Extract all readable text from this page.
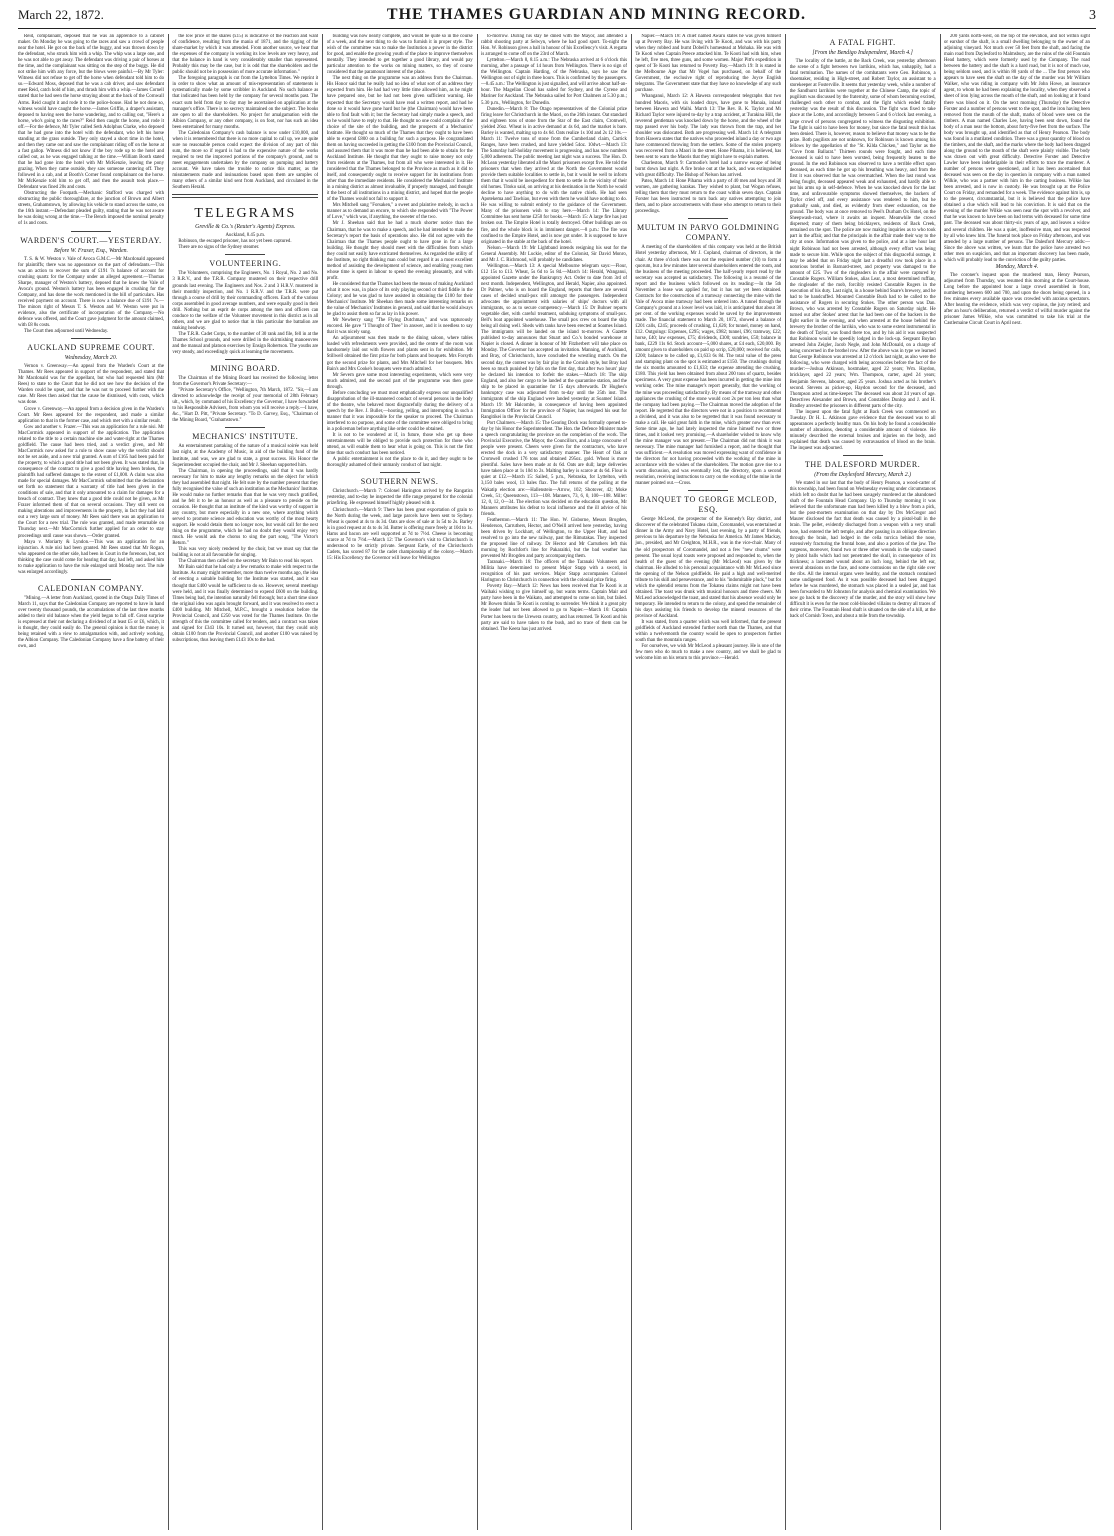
March 22, 1872.	THE THAMES GUARDIAN AND MINING RECORD.	3

Reid, complainant, deposed that he was an apprentice to a cabinet maker. On Monday he was going to the races and saw a crowd of people near the hotel. He got on the back of the buggy, and was thrown down by the defendant, who struck him with a whip. The whip was a large one, and he was not able to get away. The defendant was driving a pair of horses at the time, and the complainant was sitting on the step of the buggy. He did not strike him with any force, but the blows were painful.—By Mr Tyler: Witness did not refuse to get off the horse when defendant told him to do so.—Edward Moss, deposed that he was a cab driver, and saw defendant meet Reid, catch hold of him, and thrash him with a whip.—James Cornell stated that he had seen the horse straying about at the back of the Cornwall Arms. Reid caught it and rode it to the police-house. Had he not done so, witness would have caught the horse.—James Griffin, a draper's assistant, deposed to having seen the horse wandering, and to calling out, "Here's a horse, who's going to the races?" Reid then caught the horse, and rode it off.—For the defence, Mr Tyler called Seth Adolphus Clarke, who deposed that he had gone into the hotel with the defendant, who left his horse standing at the grass outside. They only stayed a short time in the hotel, and then they came out and saw the complainant riding off on the horse at a fast gallop. Witness did not know if the boy rode up to the hotel and called out, as he was engaged talking at the time.—William Booth stated that he had gone into the hotel with Mr McKenzie, leaving the pony grazing. When they came outside, they saw someone cantering off. They followed in a cab, and at Booth's Corner found complainant on the horse. Mr McKenzie told him to get off, and then the assault took place.—Defendant was fined 20s and costs.

Obstructing the Footpath.—Mechanic Stafford was charged with obstructing the public thoroughfare, at the junction of Brown and Albert streets, Grahamstown, by allowing his vehicle to stand across the same, on the 16th instant.—Defendant pleaded guilty, stating that he was not aware he was doing wrong at the time.—The Bench imposed the nominal penalty of 1s and costs.

WARDEN'S COURT.—YESTERDAY.
Before W. Fraser, Esq., Warden.

T. S. & W. Weston v. Vale of Avoca G.M.C.—Mr Macdonald appeared for plaintiffs; there was no appearance on the part of defendants.—This was an action to recover the sum of £191 7s balance of account for crushing quartz for the Company under an alleged agreement.—Thomas Sharpe, manager of Weston's battery, deposed that he knew the Vale of Avoca's ground. Weston's battery has been engaged in crushing for the Company, and has done the work mentioned in the bill of particulars. Has received payment on account. There is now a balance due of £191 7s.—The minors right of Messrs T. S. Weston and W. Weston were put in evidence, also the certificate of incorporation of the Company.—No defence was offered, and the Court gave judgment for the amount claimed, with £8 8s costs.

The Court then adjourned until Wednesday.

AUCKLAND SUPREME COURT.
Wednesday, March 20.

Vernon v. Greenway.—An appeal from the Warden's Court at the Thames. Mr Rees appeared in support of the respondent, and stated that Mr Macdonald was for the appellant, but who had requested him (Mr Rees) to state to the Court that he did not see how the decision of the Warden could be upset, and that he was not to proceed further with the case. Mr Rees then asked that the cause be dismissed, with costs, which was done.

Grove v. Greenway.—An appeal from a decision given in the Warden's Court. Mr Rees appeared for the respondent, and made a similar application to that in the former case, and which met with a similar result.

Gow and another v. Frazer.—This was an application for a rule nisi. Mr MacCormick appeared in support of the application. The application related to the title to a certain machine site and water-right at the Thames goldfield. The cause had been tried, and a verdict given, and Mr MacCormick now asked for a rule to show cause why the verdict should not be set aside, and a new trial granted. A sum of £165 had been paid for the property, to which a good title had not been given. It was stated that, in consequence of the contract to give a good title having been broken, the plaintiffs had suffered damages to the extent of £1,000. A claim was also made for special damages. Mr MacCormick submitted that the declaration set forth no statement that a warranty of title had been given in the conditions of sale, and that it only amounted to a claim for damages for a breach of contract. They knew that a good title could not be given, as Mr Frazer informed them of that on several occasions. They still went on making alterations and improvements in the property, in fact they had laid out a very large sum of money. Mr Rees said there was an application to the Court for a new trial. The rule was granted, and made returnable on Thursday next.—Mr MacCormick further applied for an order to stay proceedings until cause was shown.—Order granted.

Maya v. Moriarty & Lyndon.—This was an application for an injunction. A rule nisi had been granted. Mr Rees stated that Mr Rogan, who appeared on the other side, had been in Court in the forenoon, but, not thinking the case could come for hearing that day, had left, and asked him to make application to have the rule enlarged until Monday next. The rule was enlarged accordingly.

CALEDONIAN COMPANY.

"Mining.—A letter from Auckland, quoted in the Otago Daily Times of March 11, says that the Caledonian Company are reported to have in hand over twenty thousand pounds, the accumulations of the last three months added to their old balance when the yield began to fall off. Great surprise is expressed at their not declaring a dividend of at least £5 or £6, which, it is thought, they could easily do. The general opinion is that the money is being retained with a view to amalgamation with, and actively working, the Albion Company. The Caledonian Company have a fine battery of their own, and

the low price of the shares (£15) is indicative of the reaction and want of confidence, resulting from the mania of 1871, and the rigging of the share-market by which it was attended. From another source, we hear that the expenses of the company in working its low levels are very heavy, and that the balance in hand is very considerably smaller than represented. Probably this may be the case, but it is odd that the shareholders and the public should not be in possession of more accurate information."

The foregoing paragraph is cut from the Lyttelton Times. We reprint it in order to show what an amount of mis-representation of statements is systematically made by some scribbler in Auckland. No such balance as that indicated has been held by the company for several months past. The exact sum held from day to day may be ascertained on application at the manager's office. There is no secrecy maintained on the subject. The books are open to all the shareholders. No project for amalgamation with the Albion Company, or any other company, is on foot, nor has such an idea been entertained for many months.

The Caledonian Company's cash balance is now under £10,000, and when it is remembered that there is no more capital to call up, we are quite sure no reasonable person could expect the division of any part of this sum, the more so if regard is had to the expensive nature of the works required to test the improved portions of the company's ground, and to meet engagements undertaken by the company on pumping and battery account. We have taken the trouble to notice this matter, as the misstatements made and insinuations based upon them are samples of many others of a similar kind sent from Auckland, and circulated in the Southern Herald.

TELEGRAMS
Greville & Co.'s (Reuter's Agents) Express.

Auckland, 8.45 p.m.

Robinson, the escaped prisoner, has not yet been captured.

There are no signs of the Sydney steamer.

VOLUNTEERING.

The Volunteers, comprising the Engineers, No. 1 Royal, No. 2 and No. 3 R.R.V., and the T.R.R. Company mustered on their respective drill grounds last evening. The Engineers and Nos. 2 and 3 H.R.V. mustered in their monthly inspection, and No. 1 R.R.V. and the T.R.R. were put through a course of drill by their commanding officers. Each of the various corps assembled in good average numbers, and were equally good in their drill. Nothing but an esprit de corps among the men and officers can conduce to the welfare of the Volunteer movement in this district as in all others, and we are glad to notice that in this particular the battalion are making headway.

The T.R.R. Cadet Corps, to the number of 30 rank and file, fell in at the Thames School grounds, and were drilled in the skirmishing manoeuvres and the manual and platoon exercises by Ensign Robertson. The youths are very steady, and exceedingly quick at learning the movements.

MINING BOARD.

The Chairman of the Mining Board has received the following letter from the Governor's Private Secretary:—

"Private Secretary's Office, "Wellington, 7th March, 1872. "Sir,—I am directed to acknowledge the receipt of your memorial of 28th February ult., which, by command of his Excellency the Governor, I have forwarded to his Responsible Advisers, from whom you will receive a reply.—I have, &c., "Hart D. Pitt, "Private Secretary. "To D. Garvey, Esq., "Chairman of the Mining Board, "Grahamstown."

MECHANICS' INSTITUTE.

An entertainment partaking of the nature of a musical soirée was held last night, at the Academy of Music, in aid of the building fund of the Institute, and was, we are glad to state, a great success. His Honor the Superintendent occupied the chair, and Mr J. Sheehan supported him.

The Chairman, in opening the proceedings, said that it was hardly necessary for him to make any lengthy remarks on the object for which they had assembled that night. He felt sure by the number present that they fully recognised the value of such an institution as the Mechanics' Institute. He would make no further remarks than that he was very much gratified, and he felt it to be an honour as well as a pleasure to preside on the occasion. He thought that an institute of the kind was worthy of support in any country, but more especially in a new one, where anything which served to promote science and education was worthy of the most hearty support. He would detain them no longer now, but would call for the next thing on the programme, which he had no doubt they would enjoy very much. He would ask the chorus to sing the part song, "The Victor's Return."

This was very nicely rendered by the choir, but we must say that the building is not at all favourable for singing.

The Chairman then called on the secretary Mr Bain to read his report.

Mr Bain said that he had only a few remarks to make with respect to the Institute. As many might remember, more than twelve months ago, the idea of erecting a suitable building for the Institute was started, and it was thought that £400 would be sufficient to do so. However, several meetings were held, and it was finally determined to expend £600 on the building. Times being bad, the intention naturally fell through; but a short time since the original idea was again brought forward, and it was resolved to erect a £400 building. Mr Mitchell, M.P.C., brought a resolution before the Provincial Council, and £250 was voted for the Thames Institute. On the strength of this the committee called for tenders, and a contract was taken and signed for £343 10s. It turned out, however, that they could only obtain £100 from the Provincial Council, and another £100 was raised by subscriptions, thus leaving them £143 10s to the bad.

building was now nearly complete, and would be quite so in the course of a week, and the next thing to do was to furnish it in proper style. The wish of the committee was to make the Institution a power in the district for good, and enable the growing youth of the place to improve themselves mentally. They intended to get together a good library, and would pay particular attention to the works on mining matters, so they of course considered that the paramount interest of the place.

The next thing on the programme was an address from the Chairman. His Honor said that he really had no idea of what sort of an address they expected from him. He had had very little time allowed him, as he might have prepared one, but he had not been given sufficient warning. He expected that the Secretary would have read a written report, and had he done so it would have gone hard but he (the Chairman) would have been able to find fault with it; but the Secretary had simply made a speech, and so he would have to reply to that. He thought no one could complain of the choice of the site of the building, and the prospects of a Mechanics' Institute. He thought so much of the Thames that they ought to have been able to expend £800 on a building for such a purpose. He congratulated them on having succeeded in getting the £100 from the Provincial Council, and assured them that it was more than he had been able to obtain for the Auckland Institute. He thought that they ought to raise money not only from residents at the Thames, but from all who were interested in it. He considered that the Thames belonged to the Province as much as it did to itself, and consequently ought to receive support for its institutions from other than the immediate residents. He considered the Mechanics' Institute in a mining district as almost invaluable, if properly managed, and thought it the best of all institutions in a mining district, and hoped that the people of the Thames would not fail to support it.

Mrs Mitchell sang "Forsaken," a sweet and plaintive melody, in such a manner as to demand an encore, to which she responded with "The Power of Love," which was, if anything, the sweeter of the two.

Mr J. Sheehan said that he had a much shorter notice than the Chairman, that he was to make a speech, and he had intended to make the Secretary's report the basis of operations also. He did not agree with the Chairman that the Thames people ought to have gone in for a large building. He thought they should meet with the difficulties from which they could not easily have extricated themselves. As regarded the utility of the Institute, no right thinking man could but regard it as a most excellent method of assisting the development of science, and enabling young men whose time is spent in labour to spend the evening pleasantly, and with profit.

He considered that the Thames had been the means of making Auckland what it now was, in place of its only playing second or third fiddle in the Colony; and he was glad to have assisted in obtaining the £100 for their Mechanics' Institute. Mr Sheehan then made some interesting remarks on the value of Mechanics' Institutes in general, and said that he would always be glad to assist them so far as lay in his power.

Mr Newberry sang "The Flying Dutchman," and was rapturously encored. He gave "I Thought of Thee" in answer, and it is needless to say that it was nicely sung.

An adjournment was then made to the dining saloon, where tables loaded with refreshments were provided, and the centre of the room was handsomely laid out with flowers and plants sent in for exhibition. Mr Stillwell obtained the first prize for both plants and bouquets. Mrs Forsyth got the second prize for plants, and Mrs Mitchell for her bouquets. Mrs Bain's and Mrs Cooke's bouquets were much admired.

Mr Severn gave some most interesting experiments, which were very much admired, and the second part of the programme was then gone through.

Before concluding we must most emphatically express our unqualified disapprobation of the ill-mannered conduct of several persons in the body of the theatre, who behaved most disgracefully during the delivery of a speech by the Rev. J. Buller,—hooting, yelling, and interrupting in such a manner that it was impossible for the speaker to proceed. The Chairman interfered to no purpose, and some of the committee were obliged to bring in a policeman before anything like order could be obtained.

It is not to be wondered at if, in future, those who get up these entertainments will be obliged to provide such protection for those who attend, as will enable them to hear what is going on. This is not the first time that such conduct has been noticed.

A public entertainment is not the place to do it, and they ought to be thoroughly ashamed of their unmanly conduct of last night.

SOUTHERN NEWS.

Christchurch.—March 7: Colonel Harington arrived by the Rangatira yesterday, and to-day he inspected the rifle range prepared for the colonial prizefiring. He expressed himself highly pleased with it.

Christchurch.—March 9: There has been great exportation of grain to the North during the week, and large parcels have been sent to Sydney. Wheat is quoted at 4s to 4s 3d. Oats are slow of sale at 1s 5d to 2s. Barley is in good request at 4s to 4s 3d. Butter is offering more freely at 10d to 1s. Hams and bacon are well supported at 7d to 7½d. Cheese is becoming scarce at 7d to 7½d.—March 12: The Governor's visit to Christchurch is understood to be strictly private. Sergeant Earle, of the Christchurch Cadets, has scored 87 for the cadet championship of the colony.—March 15: His Excellency the Governor will leave for Wellington

to-morrow. During his stay he dined with the Mayor, and attended a rabbit shooting party at Selwyn, where he had good sport. To-night the Hon. W. Robinson gives a ball in honour of his Excellency's visit. A regatta is arranged to come off on the 23rd of March.

Lyttelton.—March 8, 8.15 a.m.: The Nebraska arrived at 6 o'clock this morning, after a passage of 14 hours from Wellington. There is no sign of the Wellington. Captain Harding, of the Nebraska, says he saw the Wellington out of sight in three hours. This is confirmed by the passengers.—8.45 a.m.: The Wellington is just signalled, and will arrive about half-an-hour. The Magellan Cloud has sailed for Sydney, and the Cyrene and Mariner for Auckland. The Nebraska sailed for Port Chalmers at 5.30 p.m.; 5.30 p.m., Wellington, for Dunedin.

Dunedin.—March 8: The Otago representatives of the Colonial prize firing leave for Christchurch in the Maori, on the 26th instant. Oat standard and eighteen tons of stone from the Star of the East claim, Cromwell, yielded 26oz. Wheat is in active demand at 4s 6d, and the market is bare. Barley is wanted, malting up to 4s 6d. Oats realize 1s 10d and 2s 12 10s.—March 11: Twelve tons of stone from the Cumberland claim, Carrick Ranges, have been crushed, and have yielded 54oz. 10dwt.—March 13: The Saturday half-holiday movement is progressing, and has now numbers 5,000 adherents. The public meeting last night was a success. The Hon. D. McLean yesterday liberated all the Maori prisoners except five. He told the prisoners that when they arrived at the North the Government would provide them suitable localities to settle in, but it would be well to inform them that it would be inexpedient for them to settle in the vicinity of their old homes. Titoko said, on arriving at his destination in the North he would decline to have anything to do with the native chiefs. He had seen Apotekema and Tawhiao, but even with them he would have nothing to do. He was willing to submit entirely to the guidance of the Government. Many of the prisoners wish to stay here.—March 14: The Library Committee has sent home £250 for books.—March 15: A large fire has just broken out. The Empire Hotel is totally destroyed. Other buildings are on fire, and the whole block is in imminent danger.—8 p.m.: The fire was confined to the Empire Hotel, and is now got under. It is supposed to have originated in the stable at the back of the hotel.

Nelson.—March 19: Mr Lightband intends resigning his seat for the General Assembly. Mr Luckie, editor of the Colonist, Sir David Monro, and Mr J. C. Richmond, will probably be candidates.

Wellington.—March 13: A special Melbourne telegram says:—Flour, £12 15s to £13. Wheat, 5s 6d to 5s 8d.—March 14: Herald, Wanganui, appointed Gazette under the Bankruptcy Act. Order to date from 3rd of next month. Independent, Wellington, and Herald, Napier, also appointed. Dr Palmer, who is on board the England, reports that there are several cases of decided small-pox still amongst the passengers. Independent advocates the appointment with salaries of ships' doctors with all immigrants, so as to secure competency.—March 15: Dr Buhner reports vegetable diet, with careful treatment, subduing symptoms of small-pox. Bell's boat appointed warehouse. The small pox crew on board the ship being all doing well. Sheds with tanks have been erected at Soames Island. The immigrants will be landed on the island to-morrow. A Gazette published to-day announces that Stuart and Co.'s bonded warehouse at Napier is closed. A dinner in honour of Mr Fitzherbert will take place on Monday. The Governor has accepted an invitation. Manning, of Auckland, and Bray, of Christchurch, have concluded the wrestling match. On the second day, the contest was by fair play in the Cornish style, but Bray had been so much punished by falls on the first day, that after two hours' play he declared his intention to forfeit the stakes.—March 18: The ship England, and also her cargo to be landed at the quarantine station, and the ship to be placed in quarantine for 15 days afterwards. Dr Hughes's bankruptcy case was adjourned from to-day until the 25th inst. The immigrants of the ship England were landed yesterday at Soames' Island. March 19: Mr Halcombe, in consequence of having been appointed Immigration Officer for the province of Napier, has resigned his seat for Rangitikei in the Provincial Council.

Port Chalmers.—March 15: The Gearing Dock was formally opened to-day by his Honor the Superintendent. The Hon. the Defence Minister made a speech congratulating the province on the completion of the work. The Provincial Executive, the Mayor, the Councillors, and a large concourse of people were present. Cheers were given for the contractors, who have erected the dock in a very satisfactory manner. The Heart of Oak at Cromwell crushed 176 tons and obtained 295oz. gold. Wheat is more plentiful. Sales have been made at 4s 6d. Oats are dull; large deliveries have taken place at 1s 10d to 2s. Malting barley is scarce at 4s 6d. Flour is quiet at £12.—March 15: Sailed, 5 p.m., Nebraska, for Lyttelton, with 3,150 bales wool, 13 bales flax. The full returns of the polling at the Wakatip election are:—Hallenstein—Arrow, 102; Shotover, 42; Moke Creek, 51; Queenstown, 113—108. Manners, 73, 6, 0, 100—108. Miller: 12, 0, 12, 0—34. The election was decided on the education question, Mr Manners attributes his defeat to local influence and the ill advice of his friends.

Featherston.—March 11: The Hon. W. Gisborne, Messrs Brogden, Henderson, Carruthers, Hector, and O'Neill arrived here yesterday, having been driven by Lockhart, of Wellington, to the Upper Hutt, and had resolved to go into the new railway, past the Rimutakas. They inspected the proposed line of railway. Dr Hector and Mr Carruthers left this morning by Rochfort's line for Pakaraitki, but the bad weather has prevented Mr Brogden and party accompanying them.

Taranaki.—March 16: The officers of the Taranaki Volunteers and Militia have determined to present Major Stapp with a sword, in recognition of his past services. Major Stapp accompanies Colonel Harington to Christchurch in connection with the colonial prize firing.

Poverty Bay.—March 12: News has been received that Te Kooti is at Waihaki wishing to give himself up, but wants terms. Captain Mair and party have been in the Waikato, and attempted to come on him, but failed. Mr Bowen thinks Te Kooti is coming to surrender. We think it a great pity the leader had not been allowed to go to Napier.—March 16: Captain Porter has been to the Urewera country, and has returned. Te Kooti and his party are said to have taken to the bush, and no trace of them can be obtained. The Keera has just arrived.

Napier.—March 18: A chief named Awaru states he was given himself up at Poverty Bay. He was living with Te Kooti, and was with his party when they robbed and burnt Dobell's homestead at Mohaka. He was with Te Kooti when Captain Preece attacked him. Te Kooti had with him, when he left, five men, three guns, and some women. Major Pitt's expedition in quest of Te Kooti has returned to Poverty Bay.—March 19: It is stated in the Melbourne Age that Mr Vogel has purchased, on behalf of the Government, the exclusive right of reproducing the Joyce English telegrams. The Government state that they have no knowledge of any such purchase.

Whanganui, March 12: A Hawera correspondent telegraphs that two hundred Maoris, with six loaded drays, have gone to Manaia, inland between Hawera and Waihi. March 13: The Rev. B. K. Taylor and Mr Richard Taylor were injured to-day by a trap accident, at Turakina Hill, the reverend gentleman was knocked down by the horse, and the wheel of the trap passed over his body. The lady was thrown from the trap, and her shoulder was dislocated. Both are progressing well. March 14: A telegram from Hawera states that the natives who proceeded inland a day or two ago have commenced throwing from the settlers. Some of the stolen property was recovered from a Maori in the street. Hone Pihama, it is believed, has been sent to warn the Maoris that they might have to explain matters.

Charleston, March 9: Carmodie's hotel had a narrow escape of being burnt down last night. A fire broke out at the back, and was extinguished with great difficulty. The Bishop of Nelson has arrived.

Patea, March 14: Hone Pihama with a party of 40 men and boys and 30 women, are gathering karakas. They wished to plant, but Wogan refuses, telling them that they must return to the coast within seven days. Captain Forster has been instructed to turn back any natives attempting to join them, and to place accoutrements with those who attempt to return to their proceedings.

MULTUM IN PARVO GOLDMINING COMPANY.

A meeting of the shareholders of this company was held at the British Hotel yesterday afternoon, Mr J. Copland, chairman of directors, in the chair. At three o'clock there was not the required number (10) to form a quorum, but a few minutes later several shareholders entered the room, and the business of the meeting proceeded. The half-yearly report read by the secretary was accepted as satisfactory. The following is a resumé of the report and the business which followed on its reading:—In the 5th November a lease was applied for, but it has not yet been obtained. Contracts for the construction of a tramway connecting the mine with the Vale of Avoca mine tramway had been ordered into. A tunnel through the Company's ground at a lower level was laid, it is anticipated that about 30 per cent. of the working expenses would be saved by the improvements made. The financial statement to March 20, 1872, showed a balance of £201 calls, £245; proceeds of crushing, £1,626; for tunnel, money on hand, £12. Outgoings: Expenses, £295; wages, £982; tunnel, £96; tramway, £22; horse, £40; law expenses, £75; dividends, £300; sundries, £50; balance in bank, £229 11s 6d. Stock account—5,000 shares, at £4 each, £20,000. By amount given to shareholders on paid up scrip, £20,000; received for calls, £200; balance to be called up, £1,633 6s 8d. The total value of the press and stamping plant on the spot is estimated at £150. The crushings during the six months amounted to £1,633; the expense attending the crushing, £180. This yield has been obtained from about 200 tons of quartz, besides specimens. A very great expense has been incurred in getting the mine into working order. The mine manager's report generally, that the working of the mine was proceeding satisfactorily. By means of the tramway and other appliances the crushing of the stone would cost 2s per ton less than what the company had been paying.—The Chairman moved the adoption of the report. He regretted that the directors were not in a position to recommend a dividend, and it was also to be regretted that it was found necessary to make a call. He said great faith in the mine, which greater now than ever. Some time ago, he had lately inspected the mine himself two or three times, and it looked very promising.—A shareholder wished to know why the mine manager was not present.—The Chairman did not think it was necessary. The mine manager had furnished a report, and he thought that was sufficient.—A resolution was moved expressing want of confidence in the directors for not having proceeded with the working of the mine in accordance with the wishes of the shareholders. The motion gave rise to a warm discussion, and was eventually lost, the directory, upon a second resolution, receiving instructions to carry on the working of the mine in the manner pointed out.—Cross.

BANQUET TO GEORGE MCLEOD, ESQ.

George McLeod, the prospector of the Kennedy's Bay district, and discoverer of the celebrated Tokatea claim, Coromandel, was entertained at dinner in the Army and Navy Hotel, last evening, by a party of friends, previous to his departure by the Nebraska for America. Mr James Mackay, jun., presided, and Mr Creighton, M.H.R., was in the vice-chair. Many of the old prospectors of Coromandel, and not a few "new chums" were present. The usual loyal toasts were proposed and responded to, when the health of the guest of the evening (Mr McLeod) was given by the chairman. He alluded to his personal acquaintance with Mr McLeod since the opening of the Nelson goldfields. He paid a high and well-merited tribute to his skill and perseverance, and to his "indomitable pluck," but for which the splendid returns from the Tokatea claims might not have been obtained. The toast was drunk with musical honours and three cheers. Mr McLeod acknowledged the toast, and stated that his absence would only be temporary. He intended to return to the colony, and spend the remainder of his days assisting his friends to develop the mineral resources of the province of Auckland.

It was stated, from a quarter which was well informed, that the present goldfields of Auckland extended further north than the Thames, and that within a twelvemonth the country would be open to prospectors further south than the mountain ranges.

For ourselves, we wish Mr McLeod a pleasant journey. He is one of the few men who do much to make a new country, and we shall be glad to welcome him on his return to this province.—Herald.

A FATAL FIGHT.
[From the Bendigo Independent, March 4.]

The locality of the battle, at the Back Creek, was yesterday afternoon the scene of a fight between two larrikins, which has, unhappily, had a fatal termination. The names of the combatants were Geo. Robinson, a shoemaker, residing in High-street, and Robert Taylor, an assistant to a storekeeper at Fosterville. It seems that yesterday week, while a number of the Sandhurst larrikins were together at the Chinese Camp, the topic of pugilism was discussed by the fraternity, some of whom becoming excited, challenged each other to combat, and the fight which ended fatally yesterday was the result of this discussion. The fight was fixed to take place at the Lotte, and accordingly between 5 and 6 o'clock last evening, a large crowd of persons congregated to witness the disgusting exhibition. The fight is said to have been for money, but since the fatal result this has been denied. There is, however, reason to believe that money was to be the prize. Both pugilists are not unknown, for Robinson is known among his fellows by the appellation of the "St. Kilda Chicken," and Taylor as the "Cove from Ballarat." Thirteen rounds were fought, and each time deceased is said to have been worsted, being frequently beaten to the ground. In the end Robinson was observed to have a terrible effect upon deceased, as each time he got up his breathing was heavy, and from the first it was observed that he was overmatched. When the last round was being fought, deceased appeared weak and exhausted, and hardly able to put his arms up in self-defence. When he was knocked down for the last time, and unfavourable symptoms showed themselves, the backers of Taylor cried off, and every assistance was rendered to him, but he gradually sank, and died, as evidently from sheer exhaustion, on the ground. The body was at once removed to Peel's Durham Ox Hotel, on the Sheepwash-road, where it awaits an inquest. Meanwhile the crowd dispersed; many of them being bricklayers, residents of Back Creek, remained on the spot. The police are now making inquiries as to who took part in the affair, and that the principals in the affair made their way to the city at once. Information was given to the police, and at a late hour last night Robinson had not been arrested, although every effort was being made to secure him. While upon the subject of this disgraceful outrage, it may be added that on Friday night last a dreadful row took place in a notorious brothel in Barnard-street, and property was damaged to the amount of £25. Two of the ringleaders in the affair were captured by Constable Rogers. William Stokes, alias Lear, a most determined ruffian, the ringleader of the mob, forcibly resisted Constable Rogers in the execution of his duty. Last night, in a house behind Snare's brewery, and he had to be handcuffed. Mounted Constable Bush had to be called to the assistance of Rogers in securing Stokes. The other person was Dan. Brown, who was arrested by Constable Rogers on Saturday night. He turned out after Stokes' arrest that he had been one of the backers in the fight earlier in the evening, and when arrested at the house behind the brewery the brother of the larrikin, who was to some extent instrumental in the death of Taylor, was found there too, and by his aid it was suspected that Robinson would be speedily lodged in the lock-up. Sergeant Boylan arrested John Zeigler, Jacob Negle, and John McDonald, on a charge of being concerned in the brothel row. After the above was in type we learned that George Robinson was arrested at 12 o'clock last night, as also were the following, who were charged with being accessories before the fact of the murder:—Joshua Atkinson, hostmaker, aged 22 years; Wm. Haydon, bricklayer, aged 22 years; Wm. Thompson, carter, aged 24 years; Benjamin Stevens, labourer, aged 25 years. Joshua acted as his brother's second. Stevens as picker-up, Haydon second for the deceased, and Thompson acted as time-keeper. The deceased was about 24 years of age. Detectives Alexander and Brown, and Constables Dunlop and J. and H. Bradley arrested the prisoners in different parts of the city.

The inquest upon the fatal fight at Back Creek was commenced on Tuesday. Dr H. L. Atkinson gave evidence that the deceased was to all appearances a perfectly healthy man. On his body he found a considerable number of abrasions, denoting a considerable amount of violence. He minutely described the external bruises and injuries on the body, and explained that death was caused by extravasation of blood on the brain. The inquest was adjourned.

THE DALESFORD MURDER.
(From the Daylesford Mercury, March 2.)

We stated in our last that the body of Henry Pearson, a wood-carter of this township, had been found on Wednesday evening under circumstances which left no doubt that he had been savagely murdered at the abandoned shaft of the Fountain Head Company. Up to Thursday morning it was believed that the unfortunate man had been killed by a blow from a pick, but the post-mortem examination on that day by Drs McGregor and Maurer disclosed the fact that death was caused by a pistol-ball in the brain. The pellet, evidently discharged from a weapon with a very small bore, had entered the left temple, and after passing in an oblique direction through the brain, had lodged in the cella turcica behind the nose, extensively fracturing the frontal bone, and also a portion of the jaw. The surgeons, moreover, found two or three other wounds in the scalp caused by pistol balls which had not penetrated the skull, in consequence of its thickness; a lacerated wound about an inch long, behind the left ear, several abrasions on the face, and some contusions on the right side over the ribs. All the internal organs were healthy, and the stomach contained some undigested food. As it was possible deceased had been drugged before he was murdered, the stomach was placed in a sealed jar, and has been forwarded to Mr Johnston for analysis and chemical examination. We now go back to the discovery of the murder, and the story will show how difficult it is even for the most cold-blooded villains to destroy all traces of their crime. The Fountain Head shaft is situated on the side of a hill, at the back of Cornish Town, and about a mile from the township.

200 yards north-west, on the top of the elevation, and not within sight or earshot of the shaft, is a small dwelling belonging to the owner of an adjoining vineyard. Not much over 50 feet from the shaft, and facing the main road from Daylesford to Malmsbury, are the ruins of the old Fountain Head battery, which were formerly used by the Company. The road between the battery and the shaft is a hard road, but it is not of much use, being seldom used, and is within 80 yards of the ... The first person who appears to have seen the shaft on the day of the murder was Mr William Walker, who was riding in company with Mr John Howe, an insurance agent, to whom he had been explaining the locality, when they observed a sheet of iron lying across the mouth of the shaft, and on looking at it found there was blood on it. On the next morning (Thursday) the Detective Forster and a number of persons went to the spot, and the iron having been removed from the mouth of the shaft, marks of blood were seen on the timbers. A man named Charles Lee, having been sent down, found the body of a man near the bottom, about forty-five feet from the surface. The body was brought up, and identified as that of Henry Pearson. The body was found in a mutilated condition. There was a great quantity of blood on the timbers, and the shaft, and the marks where the body had been dragged along the ground to the mouth of the shaft were plainly visible. The body was drawn out with great difficulty. Detective Forster and Detective Lawler have been indefatigable in their efforts to trace the murderer. A number of persons were questioned, and it has been ascertained that deceased was seen on the day in question in company with a man named Wilkie, who was a partner with him in the carting business. Wilkie has been arrested, and is now in custody. He was brought up at the Police Court on Friday, and remanded for a week. The evidence against him is, up to the present, circumstantial, but it is believed that the police have obtained a clue which will lead to his conviction. It is said that on the evening of the murder Wilkie was seen near the spot with a revolver, and that he was known to have been on bad terms with deceased for some time past. The deceased was about thirty-six years of age, and leaves a widow and several children. He was a quiet, inoffensive man, and was respected by all who knew him. The funeral took place on Friday afternoon, and was attended by a large number of persons. The Dalesford Mercury adds:—Since the above was written, we learn that the police have arrested two other men on suspicion, and that an important discovery has been made, which will probably lead to the conviction of the guilty parties.

Monday, March 4.

The coroner's inquest upon the murdered man, Henry Pearson, adjourned from Thursday, was resumed this morning at the Court-house. Long before the appointed hour a large crowd assembled in front, numbering between 600 and 700, and upon the doors being opened, in a few minutes every available space was crowded with anxious spectators. After hearing the evidence, which was very copious, the jury retired; and after an hour's deliberation, returned a verdict of wilful murder against the prisoner James Wilkie, who was committed to take his trial at the Castlemaine Circuit Court in April next.
